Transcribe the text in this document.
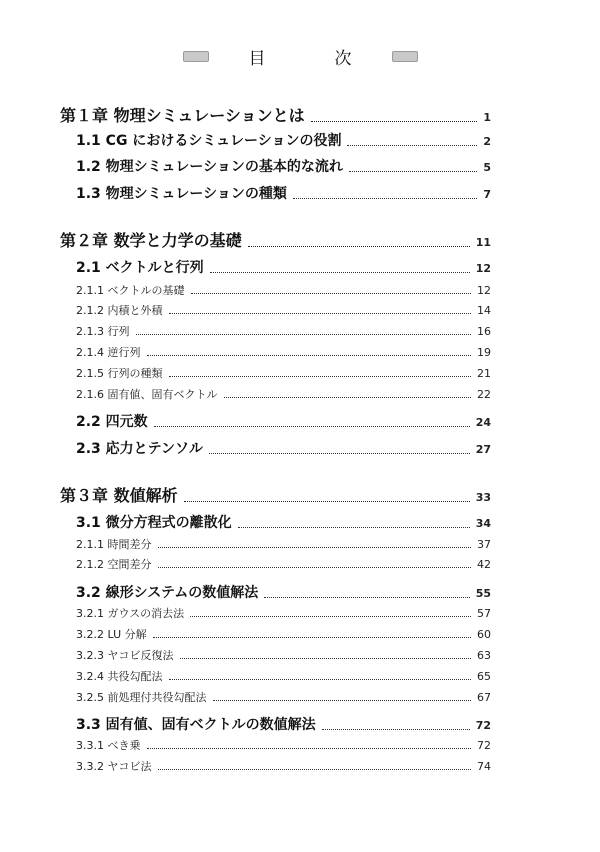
目　次
第１章 物理シミュレーションとは	1
1.1 CG におけるシミュレーションの役割	2
1.2 物理シミュレーションの基本的な流れ	5
1.3 物理シミュレーションの種類	7
第２章 数学と力学の基礎	11
2.1 ベクトルと行列	12
2.1.1 ベクトルの基礎	12
2.1.2 内積と外積	14
2.1.3 行列	16
2.1.4 逆行列	19
2.1.5 行列の種類	21
2.1.6 固有値、固有ベクトル	22
2.2 四元数	24
2.3 応力とテンソル	27
第３章 数値解析	33
3.1 微分方程式の離散化	34
2.1.1 時間差分	37
2.1.2 空間差分	42
3.2 線形システムの数値解法	55
3.2.1 ガウスの消去法	57
3.2.2 LU 分解	60
3.2.3 ヤコビ反復法	63
3.2.4 共役勾配法	65
3.2.5 前処理付共役勾配法	67
3.3 固有値、固有ベクトルの数値解法	72
3.3.1 べき乗	72
3.3.2 ヤコビ法	74
